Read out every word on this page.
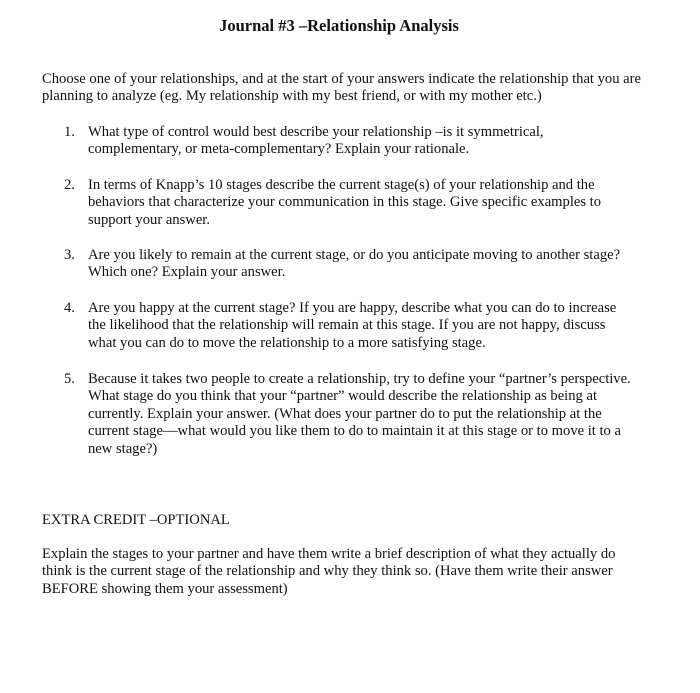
Journal #3 –Relationship Analysis

Choose one of your relationships, and at the start of your answers indicate the relationship that you are planning to analyze (eg. My relationship with my best friend, or with my mother etc.)

1. What type of control would best describe your relationship –is it symmetrical, complementary, or meta-complementary? Explain your rationale.

2. In terms of Knapp’s 10 stages describe the current stage(s) of your relationship and the behaviors that characterize your communication in this stage. Give specific examples to support your answer.

3. Are you likely to remain at the current stage, or do you anticipate moving to another stage? Which one? Explain your answer.

4. Are you happy at the current stage? If you are happy, describe what you can do to increase the likelihood that the relationship will remain at this stage. If you are not happy, discuss what you can do to move the relationship to a more satisfying stage.

5. Because it takes two people to create a relationship, try to define your “partner’s perspective. What stage do you think that your “partner” would describe the relationship as being at currently. Explain your answer. (What does your partner do to put the relationship at the current stage—what would you like them to do to maintain it at this stage or to move it to a new stage?)

EXTRA CREDIT –OPTIONAL

Explain the stages to your partner and have them write a brief description of what they actually do think is the current stage of the relationship and why they think so. (Have them write their answer BEFORE showing them your assessment)
